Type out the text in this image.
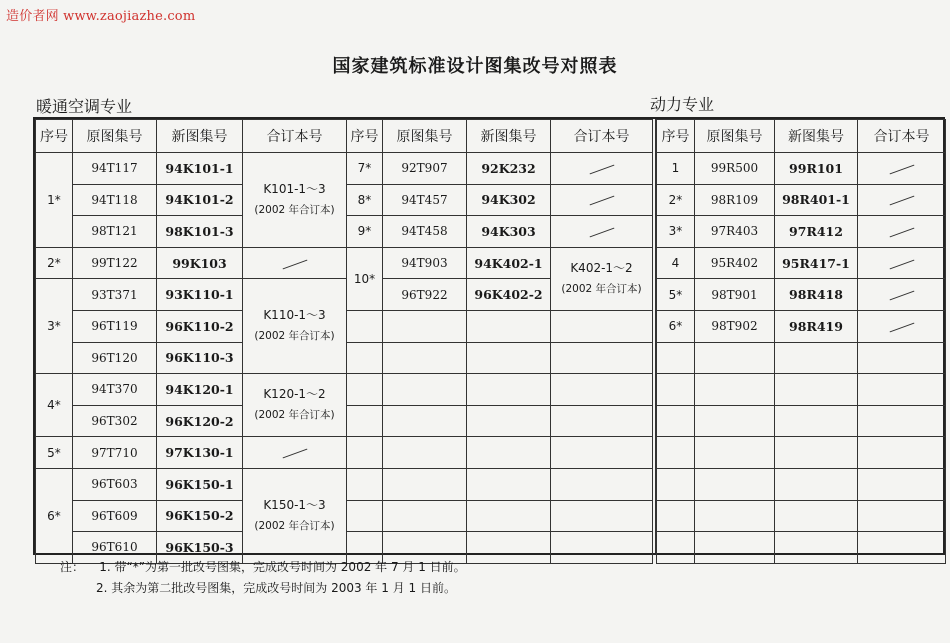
造价者网 www.zaojiazhe.com
国家建筑标准设计图集改号对照表
暖通空调专业	动力专业
序号	原图集号	新图集号	合订本号
1*	94T117	94K101-1	K101-1～3
(2002 年合订本)

	94T118	94K101-2	
	98T121	98K101-3	
2*	99T122	99K103	
3*	93T371	93K110-1	K110-1～3
(2002 年合订本)

	96T119	96K110-2	
	96T120	96K110-3	
4*	94T370	94K120-1	K120-1～2
(2002 年合订本)

	96T302	96K120-2	
5*	97T710	97K130-1	
6*	96T603	96K150-1	K150-1～3
(2002 年合订本)

	96T609	96K150-2	
	96T610	96K150-3	
序号	原图集号	新图集号	合订本号
7*	92T907	92K232	
8*	94T457	94K302	
9*	94T458	94K303	
10*	94T903	94K402-1	K402-1～2
(2002 年合订本)

	96T922	96K402-2	

序号	原图集号	新图集号	合订本号
1	99R500	99R101	
2*	98R109	98R401-1	
3*	97R403	97R412	
4	95R402	95R417-1	
5*	98T901	98R418	
6*	98T902	98R419	

注： 1. 带“*”为第一批改号图集，完成改号时间为 2002 年 7 月 1 日前。
2. 其余为第二批改号图集，完成改号时间为 2003 年 1 月 1 日前。
